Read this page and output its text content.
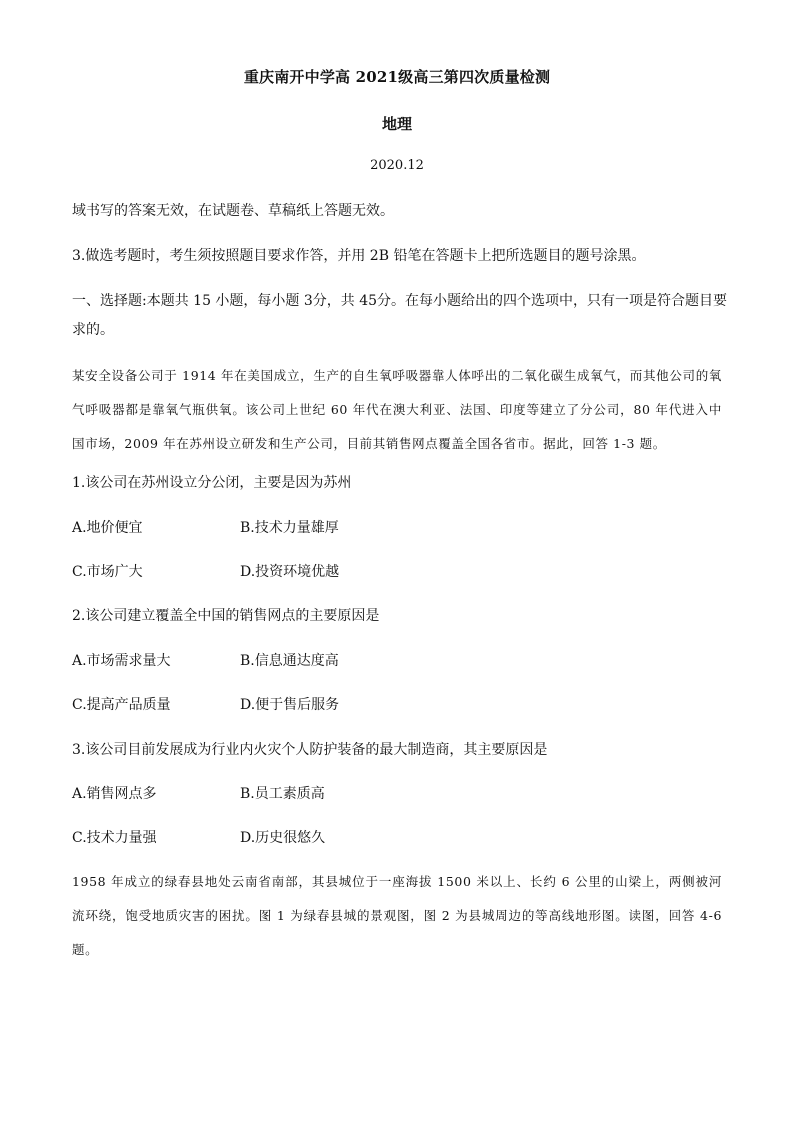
重庆南开中学高 2021级高三第四次质量检测
地理
2020.12
域书写的答案无效，在试题卷、草稿纸上答题无效。
3.做选考题时，考生须按照题目要求作答，并用 2B 铅笔在答题卡上把所选题目的题号涂黑。
一、选择题:本题共 15 小题，每小题 3分，共 45分。在每小题给出的四个选项中，只有一项是符合题目要求的。
某安全设备公司于 1914 年在美国成立，生产的自生氧呼吸器靠人体呼出的二氧化碳生成氧气，而其他公司的氧气呼吸器都是靠氧气瓶供氧。该公司上世纪 60 年代在澳大利亚、法国、印度等建立了分公司，80 年代进入中国市场，2009 年在苏州设立研发和生产公司，目前其销售网点覆盖全国各省市。据此，回答 1-3 题。
1.该公司在苏州设立分公闭，主要是因为苏州
A.地价便宜	B.技术力量雄厚
C.市场广大	D.投资环境优越
2.该公司建立覆盖全中国的销售网点的主要原因是
A.市场需求量大	B.信息通达度高
C.提高产品质量	D.便于售后服务
3.该公司目前发展成为行业内火灾个人防护装备的最大制造商，其主要原因是
A.销售网点多	B.员工素质高
C.技术力量强	D.历史很悠久
1958 年成立的绿春县地处云南省南部，其县城位于一座海拔 1500 米以上、长约 6 公里的山梁上，两侧被河流环绕，饱受地质灾害的困扰。图 1 为绿春县城的景观图，图 2 为县城周边的等高线地形图。读图，回答 4-6 题。
